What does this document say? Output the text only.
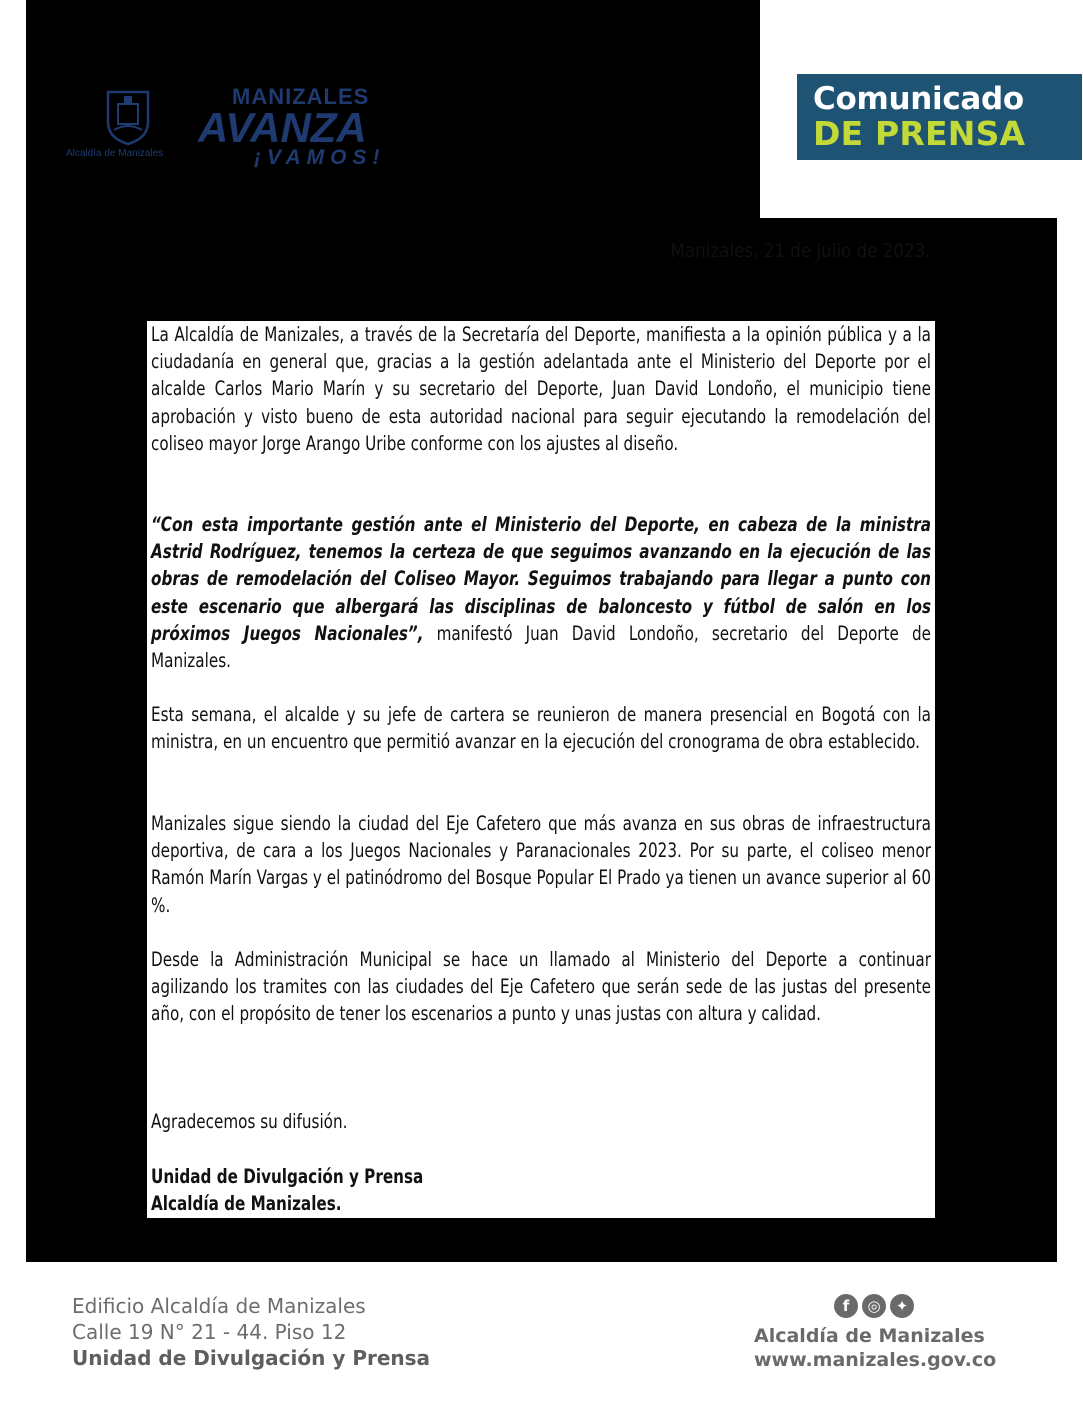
Alcaldía de Manizales
MANIZALES
AVANZA
¡VAMOS!
Comunicado
DE PRENSA
Manizales, 21 de julio de 2023.

La Alcaldía de Manizales, a través de la Secretaría del Deporte, manifiesta a la opinión pública y a la ciudadanía en general que, gracias a la gestión adelantada ante el Ministerio del Deporte por el alcalde Carlos Mario Marín y su secretario del Deporte, Juan David Londoño, el municipio tiene aprobación y visto bueno de esta autoridad nacional para seguir ejecutando la remodelación del coliseo mayor Jorge Arango Uribe conforme con los ajustes al diseño.

“Con esta importante gestión ante el Ministerio del Deporte, en cabeza de la ministra Astrid Rodríguez, tenemos la certeza de que seguimos avanzando en la ejecución de las obras de remodelación del Coliseo Mayor. Seguimos trabajando para llegar a punto con este escenario que albergará las disciplinas de baloncesto y fútbol de salón en los próximos Juegos Nacionales”, manifestó Juan David Londoño, secretario del Deporte de Manizales.

Esta semana, el alcalde y su jefe de cartera se reunieron de manera presencial en Bogotá con la ministra, en un encuentro que permitió avanzar en la ejecución del cronograma de obra establecido.

Manizales sigue siendo la ciudad del Eje Cafetero que más avanza en sus obras de infraestructura deportiva, de cara a los Juegos Nacionales y Paranacionales 2023. Por su parte, el coliseo menor Ramón Marín Vargas y el patinódromo del Bosque Popular El Prado ya tienen un avance superior al 60 %.

Desde la Administración Municipal se hace un llamado al Ministerio del Deporte a continuar agilizando los tramites con las ciudades del Eje Cafetero que serán sede de las justas del presente año, con el propósito de tener los escenarios a punto y unas justas con altura y calidad.

Agradecemos su difusión.

Unidad de Divulgación y Prensa

Alcaldía de Manizales.

Edificio Alcaldía de Manizales
Calle 19 N° 21 - 44. Piso 12
Unidad de Divulgación y Prensa
f	◎	✦
Alcaldía de Manizales
www.manizales.gov.co
